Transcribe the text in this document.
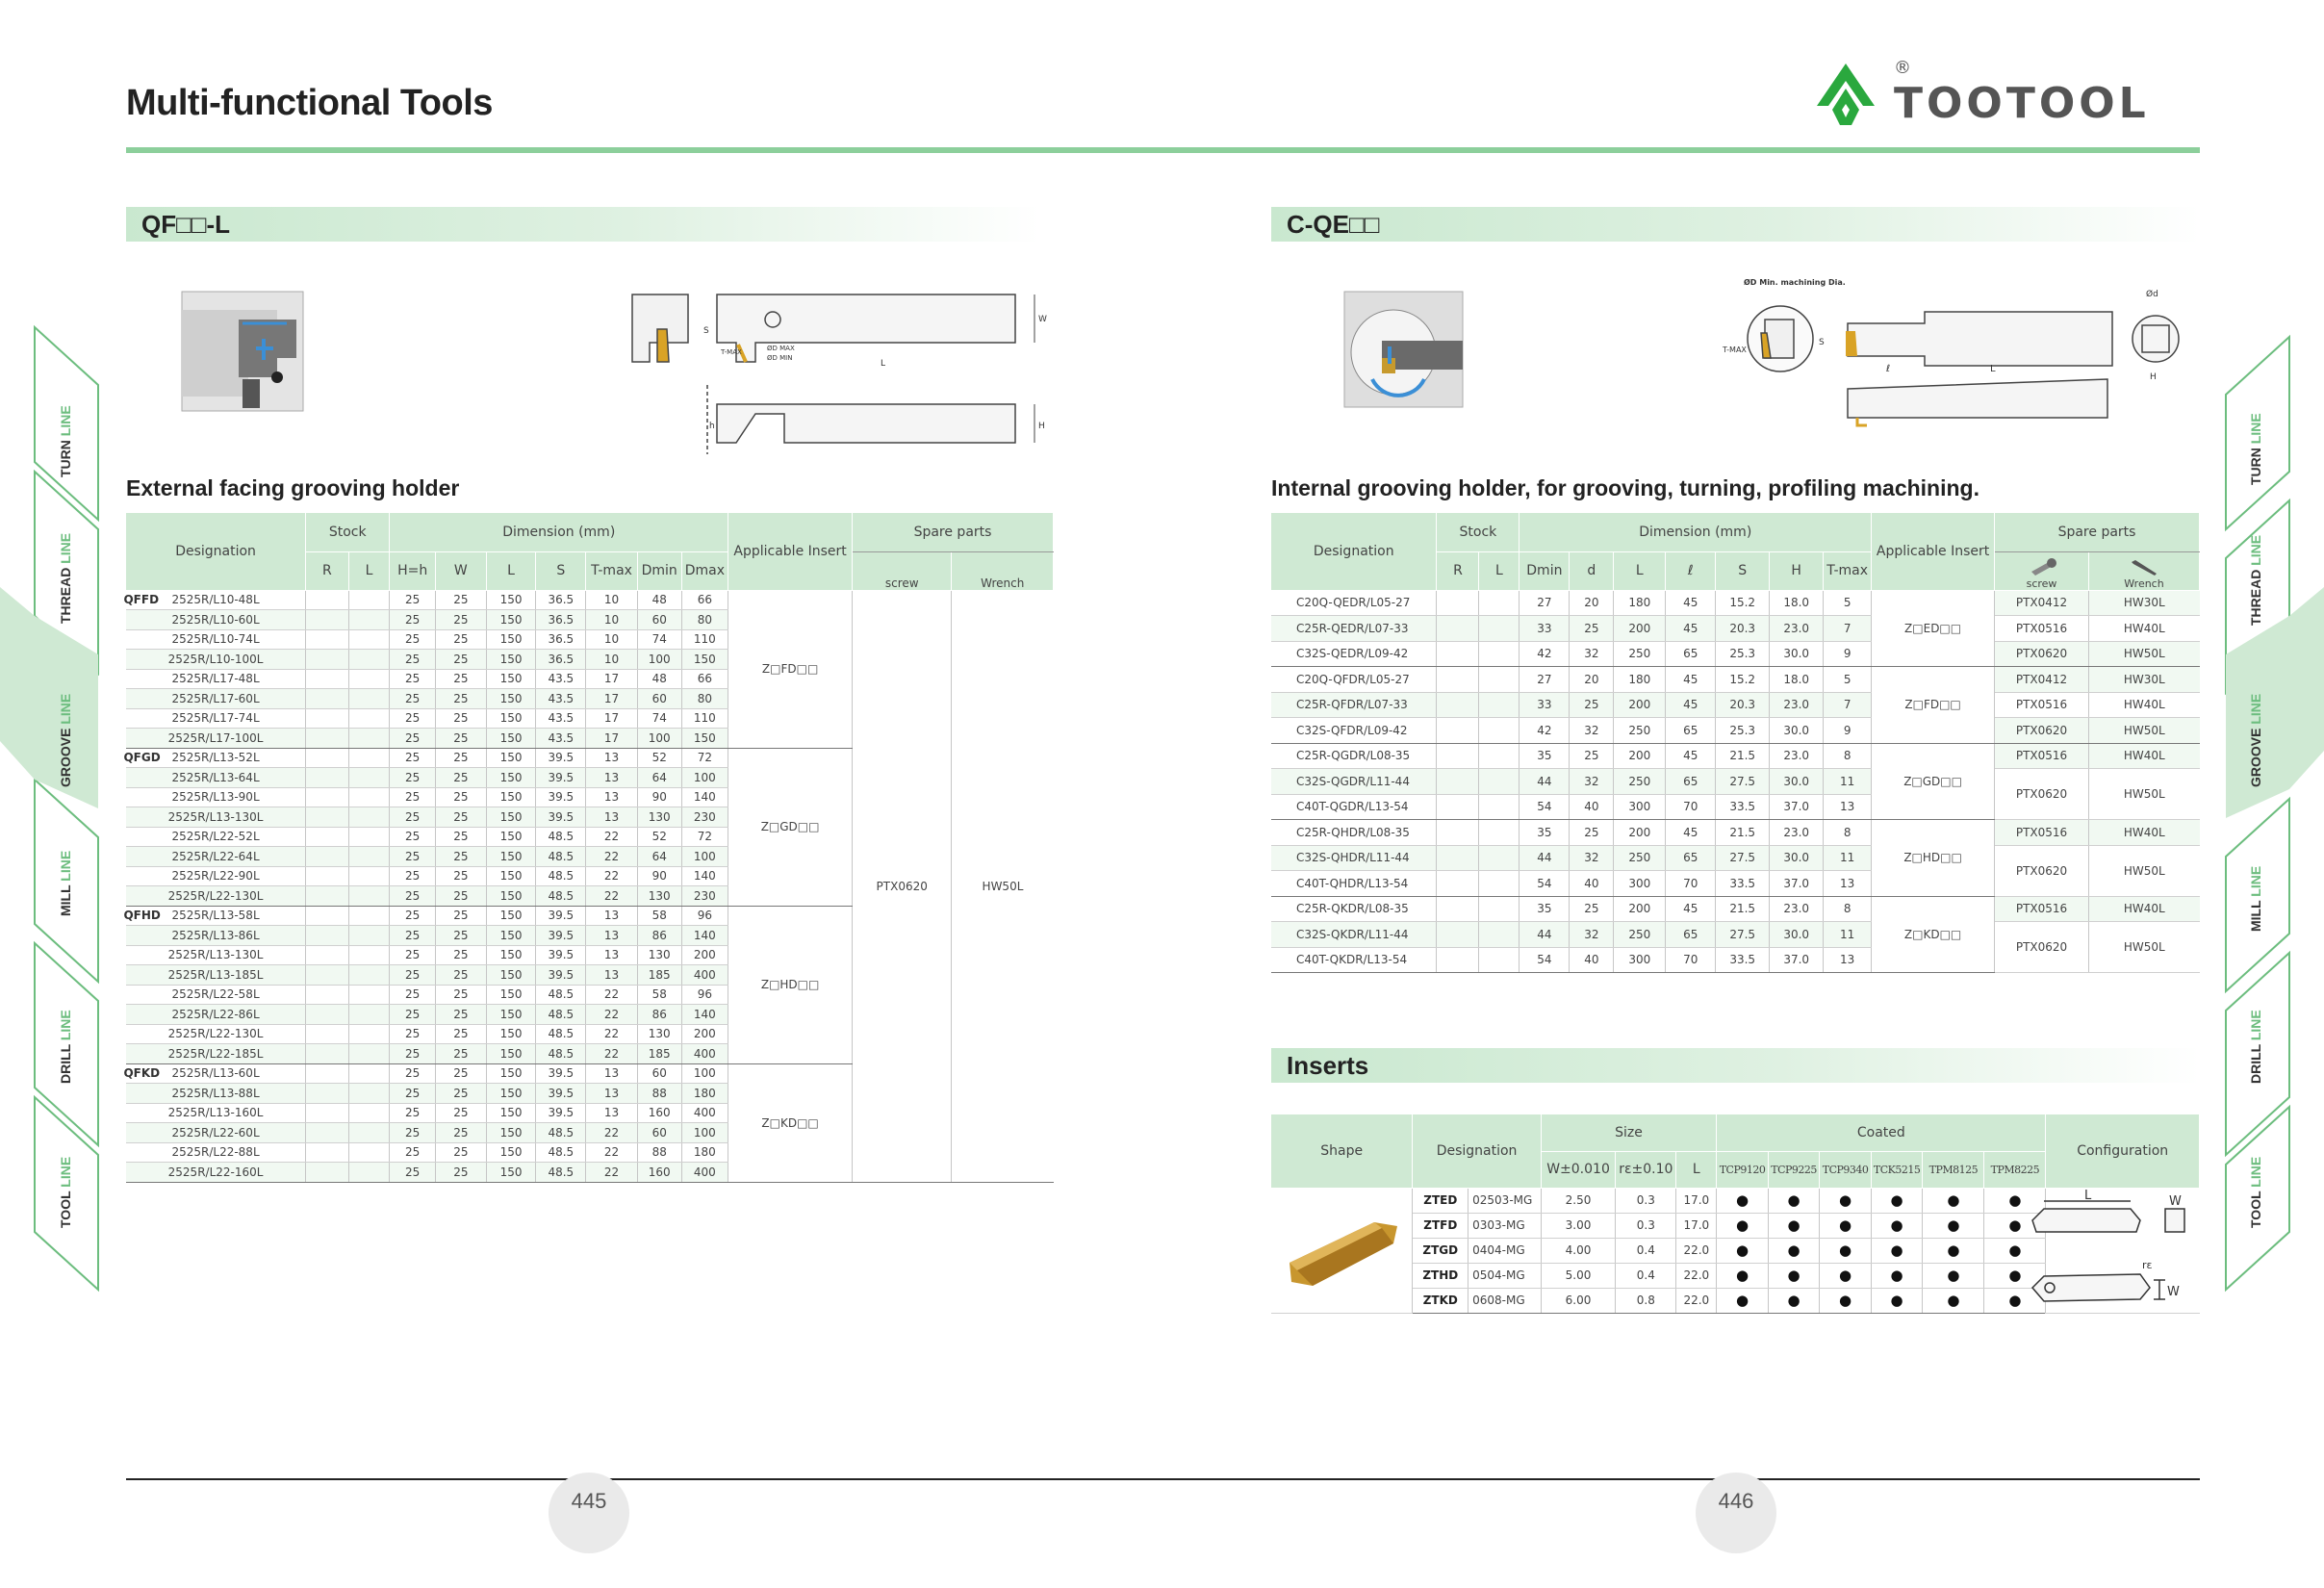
Multi-functional Tools	TOOTOOL
®
TURN LINE
THREAD LINE
GROOVE LINE
MILL LINE
DRILL LINE
TOOL LINE
TURN LINE
THREAD LINE
GROOVE LINE
MILL LINE
DRILL LINE
TOOL LINE
QF□□-L
S
W
L
H
h
T-MAX	ØD MAX
ØD MIN
External facing grooving holder
Designation	Stock		Dimension (mm)							Applicable Insert	Spare parts	
	R	L	H=h	W	L	S	T-max	Dmin	Dmax		screw	Wrench

QFFD 2525R/L10-48L			25	25	150	36.5	10	48	66	Z□FD□□	PTX0620	HW50L
2525R/L10-60L			25	25	150	36.5	10	60	80			
2525R/L10-74L			25	25	150	36.5	10	74	110			
2525R/L10-100L			25	25	150	36.5	10	100	150			
2525R/L17-48L			25	25	150	43.5	17	48	66			
2525R/L17-60L			25	25	150	43.5	17	60	80			
2525R/L17-74L			25	25	150	43.5	17	74	110			
2525R/L17-100L			25	25	150	43.5	17	100	150			

QFGD 2525R/L13-52L			25	25	150	39.5	13	52	72	Z□GD□□		
2525R/L13-64L			25	25	150	39.5	13	64	100			
2525R/L13-90L			25	25	150	39.5	13	90	140			
2525R/L13-130L			25	25	150	39.5	13	130	230			
2525R/L22-52L			25	25	150	48.5	22	52	72			
2525R/L22-64L			25	25	150	48.5	22	64	100			
2525R/L22-90L			25	25	150	48.5	22	90	140			
2525R/L22-130L			25	25	150	48.5	22	130	230			

QFHD 2525R/L13-58L			25	25	150	39.5	13	58	96	Z□HD□□		
2525R/L13-86L			25	25	150	39.5	13	86	140			
2525R/L13-130L			25	25	150	39.5	13	130	200			
2525R/L13-185L			25	25	150	39.5	13	185	400			
2525R/L22-58L			25	25	150	48.5	22	58	96			
2525R/L22-86L			25	25	150	48.5	22	86	140			
2525R/L22-130L			25	25	150	48.5	22	130	200			
2525R/L22-185L			25	25	150	48.5	22	185	400			

QFKD 2525R/L13-60L			25	25	150	39.5	13	60	100	Z□KD□□		
2525R/L13-88L			25	25	150	39.5	13	88	180			
2525R/L13-160L			25	25	150	39.5	13	160	400			
2525R/L22-60L			25	25	150	48.5	22	60	100			
2525R/L22-88L			25	25	150	48.5	22	88	180			
2525R/L22-160L			25	25	150	48.5	22	160	400			
C-QE□□
ØD Min. machining Dia.
T-MAX
S
ℓ	L
Ød
H
Internal grooving holder, for grooving, turning, profiling machining.
Designation	Stock		Dimension (mm)							Applicable Insert	Spare parts	
	R	L	Dmin	d	L	ℓ	S	H	T-max		screw	Wrench
C20Q-QEDR/L05-27			27	20	180	45	15.2	18.0	5	Z□ED□□	PTX0412	HW30L
C25R-QEDR/L07-33			33	25	200	45	20.3	23.0	7		PTX0516	HW40L
C32S-QEDR/L09-42			42	32	250	65	25.3	30.0	9		PTX0620	HW50L
C20Q-QFDR/L05-27			27	20	180	45	15.2	18.0	5	Z□FD□□	PTX0412	HW30L
C25R-QFDR/L07-33			33	25	200	45	20.3	23.0	7		PTX0516	HW40L
C32S-QFDR/L09-42			42	32	250	65	25.3	30.0	9		PTX0620	HW50L
C25R-QGDR/L08-35			35	25	200	45	21.5	23.0	8	Z□GD□□	PTX0516	HW40L
C32S-QGDR/L11-44			44	32	250	65	27.5	30.0	11		PTX0620	HW50L
C40T-QGDR/L13-54			54	40	300	70	33.5	37.0	13			
C25R-QHDR/L08-35			35	25	200	45	21.5	23.0	8	Z□HD□□	PTX0516	HW40L
C32S-QHDR/L11-44			44	32	250	65	27.5	30.0	11		PTX0620	HW50L
C40T-QHDR/L13-54			54	40	300	70	33.5	37.0	13			
C25R-QKDR/L08-35			35	25	200	45	21.5	23.0	8	Z□KD□□	PTX0516	HW40L
C32S-QKDR/L11-44			44	32	250	65	27.5	30.0	11		PTX0620	HW50L
C40T-QKDR/L13-54			54	40	300	70	33.5	37.0	13			
Inserts
Shape	Designation		Size			Coated						Configuration
			W±0.010	rε±0.10	L	TCP9120	TCP9225	TCP9340	TCK5215	TPM8125	TPM8225	
	ZTED	02503-MG	2.50	0.3	17.0	●	●	●	●	●	●	
	ZTFD	0303-MG	3.00	0.3	17.0	●	●	●	●	●	●	
	ZTGD	0404-MG	4.00	0.4	22.0	●	●	●	●	●	●	
	ZTHD	0504-MG	5.00	0.4	22.0	●	●	●	●	●	●	
	ZTKD	0608-MG	6.00	0.8	22.0	●	●	●	●	●	●	
L	W
rε
W
445	446
